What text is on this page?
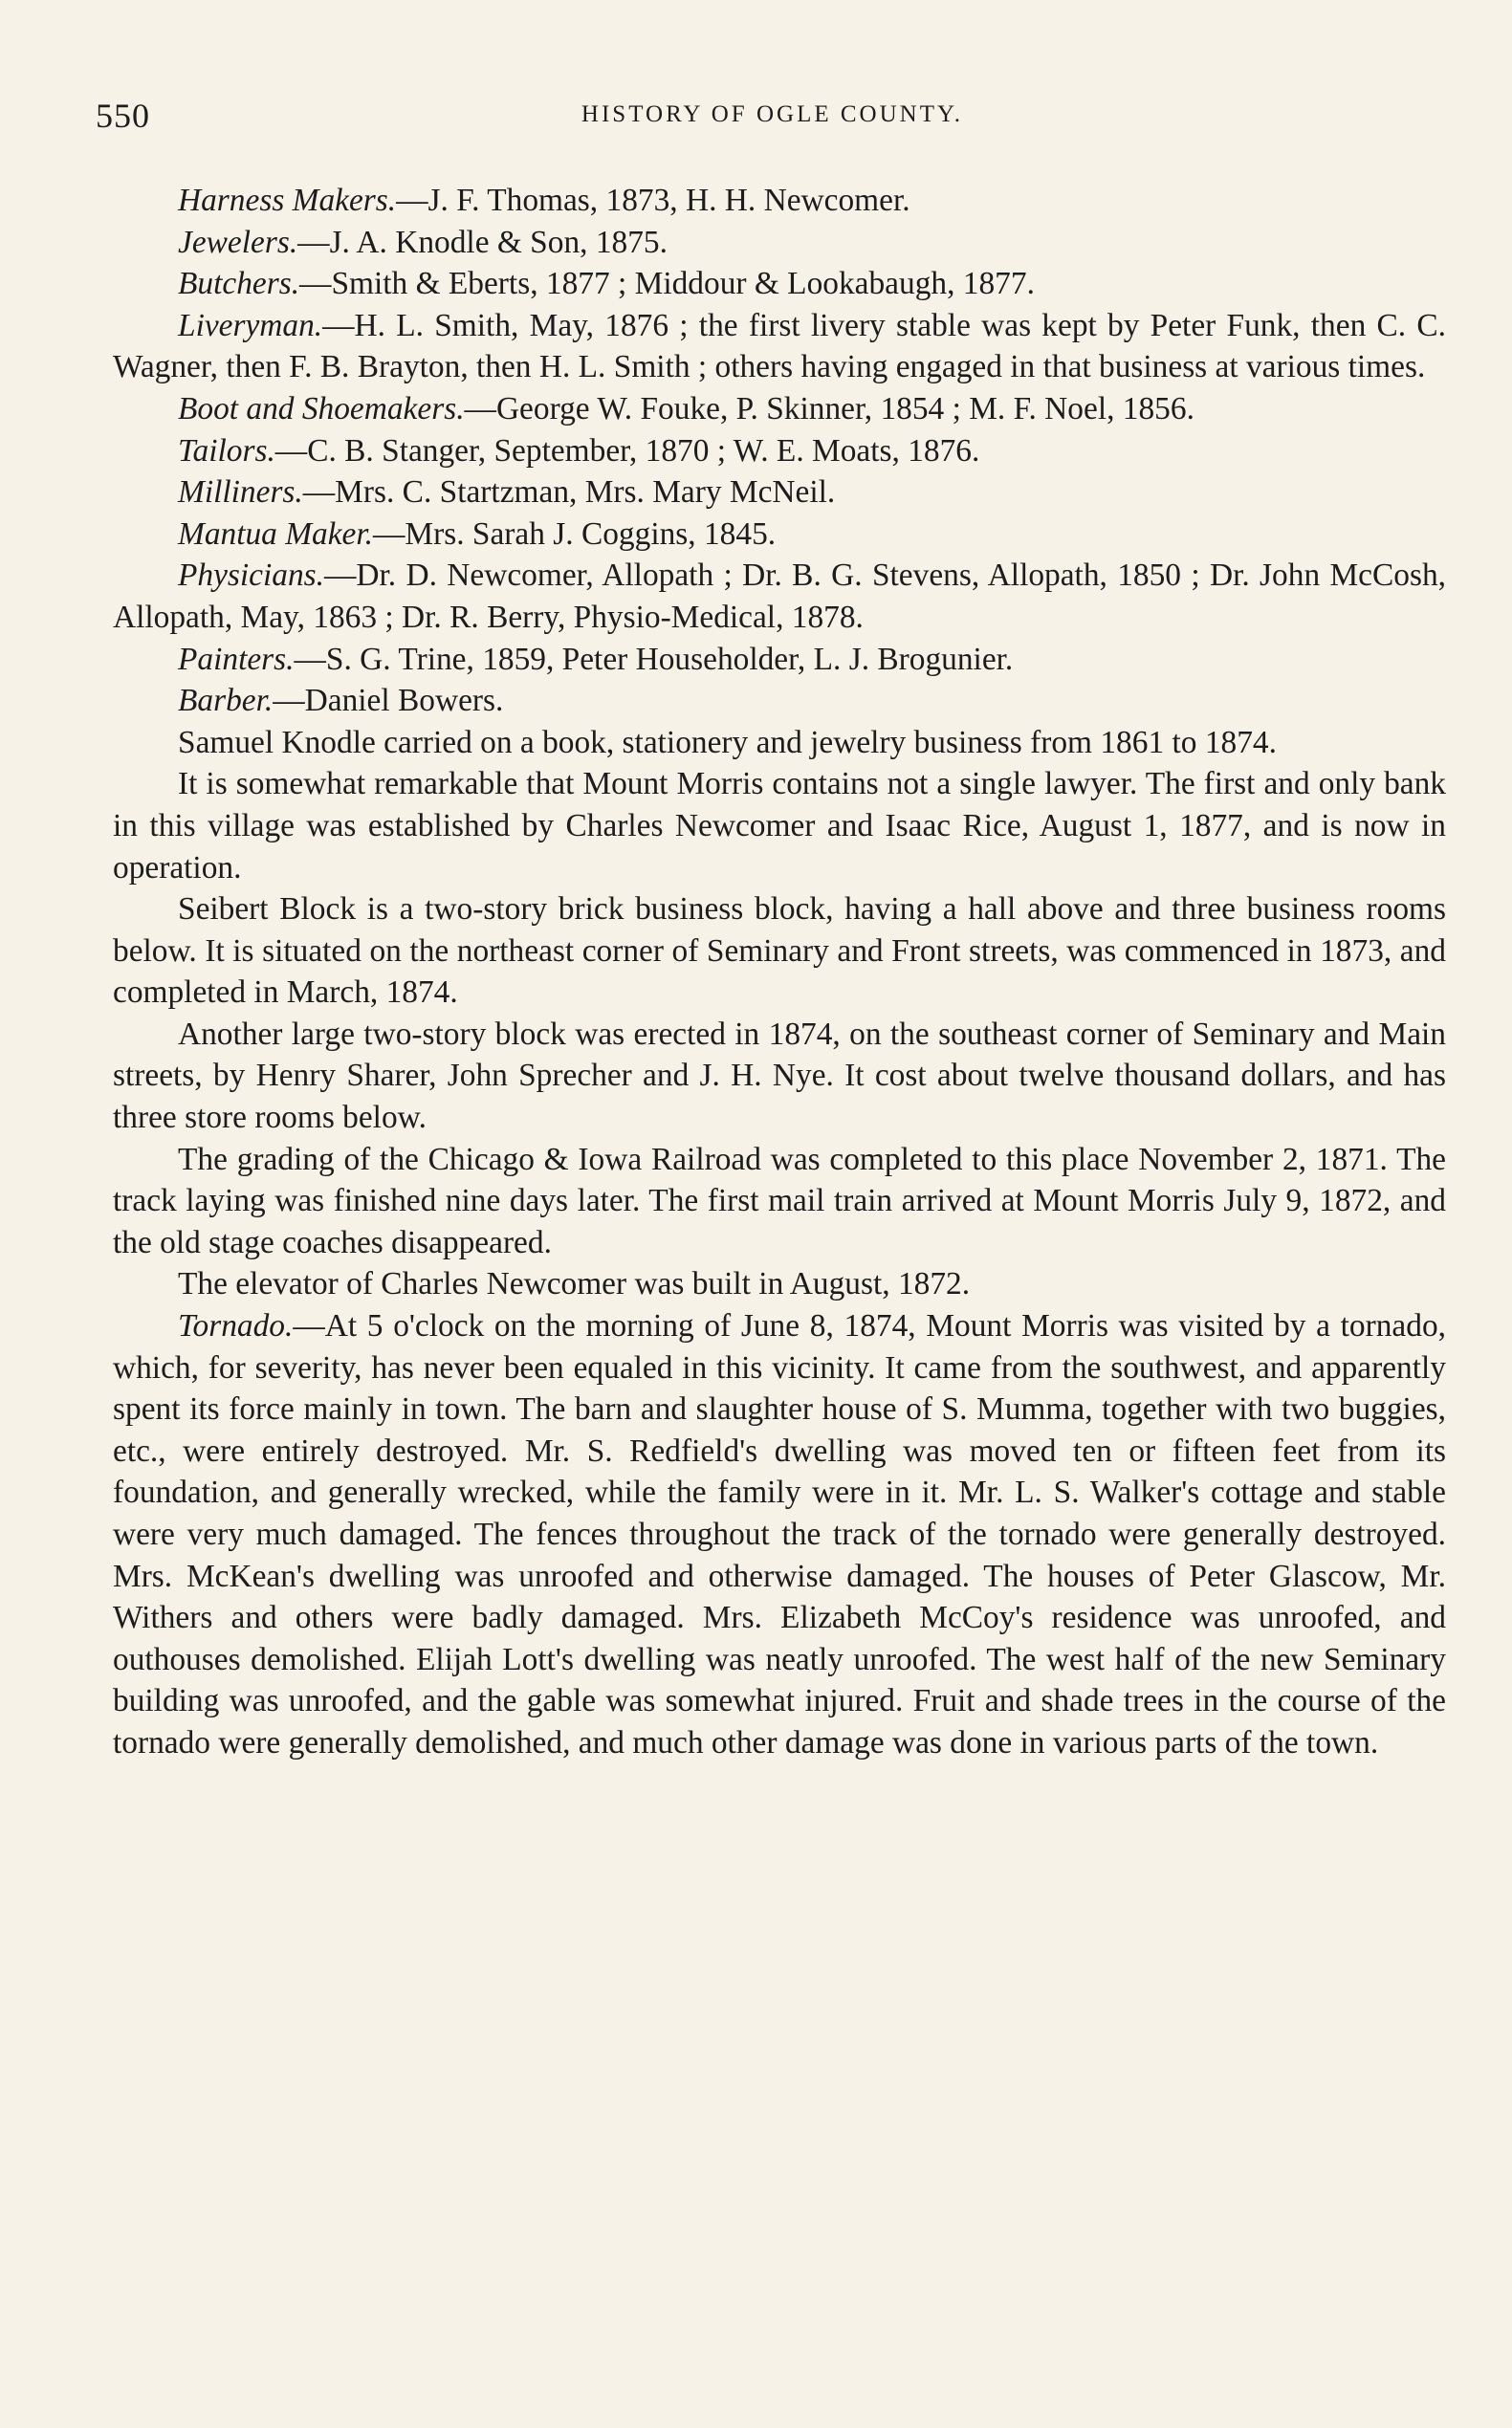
550	HISTORY OF OGLE COUNTY.

Harness Makers.—J. F. Thomas, 1873, H. H. Newcomer.

Jewelers.—J. A. Knodle & Son, 1875.

Butchers.—Smith & Eberts, 1877 ; Middour & Lookabaugh, 1877.

Liveryman.—H. L. Smith, May, 1876 ; the first livery stable was kept by Peter Funk, then C. C. Wagner, then F. B. Brayton, then H. L. Smith ; others having engaged in that business at various times.

Boot and Shoemakers.—George W. Fouke, P. Skinner, 1854 ; M. F. Noel, 1856.

Tailors.—C. B. Stanger, September, 1870 ; W. E. Moats, 1876.

Milliners.—Mrs. C. Startzman, Mrs. Mary McNeil.

Mantua Maker.—Mrs. Sarah J. Coggins, 1845.

Physicians.—Dr. D. Newcomer, Allopath ; Dr. B. G. Stevens, Allopath, 1850 ; Dr. John McCosh, Allopath, May, 1863 ; Dr. R. Berry, Physio-Medical, 1878.

Painters.—S. G. Trine, 1859, Peter Householder, L. J. Brogunier.

Barber.—Daniel Bowers.

Samuel Knodle carried on a book, stationery and jewelry business from 1861 to 1874.

It is somewhat remarkable that Mount Morris contains not a single lawyer. The first and only bank in this village was established by Charles Newcomer and Isaac Rice, August 1, 1877, and is now in operation.

Seibert Block is a two-story brick business block, having a hall above and three business rooms below. It is situated on the northeast corner of Seminary and Front streets, was commenced in 1873, and completed in March, 1874.

Another large two-story block was erected in 1874, on the southeast corner of Seminary and Main streets, by Henry Sharer, John Sprecher and J. H. Nye. It cost about twelve thousand dollars, and has three store rooms below.

The grading of the Chicago & Iowa Railroad was completed to this place November 2, 1871. The track laying was finished nine days later. The first mail train arrived at Mount Morris July 9, 1872, and the old stage coaches disappeared.

The elevator of Charles Newcomer was built in August, 1872.

Tornado.—At 5 o'clock on the morning of June 8, 1874, Mount Morris was visited by a tornado, which, for severity, has never been equaled in this vicinity. It came from the southwest, and apparently spent its force mainly in town. The barn and slaughter house of S. Mumma, together with two buggies, etc., were entirely destroyed. Mr. S. Redfield's dwelling was moved ten or fifteen feet from its foundation, and generally wrecked, while the family were in it. Mr. L. S. Walker's cottage and stable were very much damaged. The fences throughout the track of the tornado were generally destroyed. Mrs. McKean's dwelling was unroofed and otherwise damaged. The houses of Peter Glascow, Mr. Withers and others were badly damaged. Mrs. Elizabeth McCoy's residence was unroofed, and outhouses demolished. Elijah Lott's dwelling was neatly unroofed. The west half of the new Seminary building was unroofed, and the gable was somewhat injured. Fruit and shade trees in the course of the tornado were generally demolished, and much other damage was done in various parts of the town.
